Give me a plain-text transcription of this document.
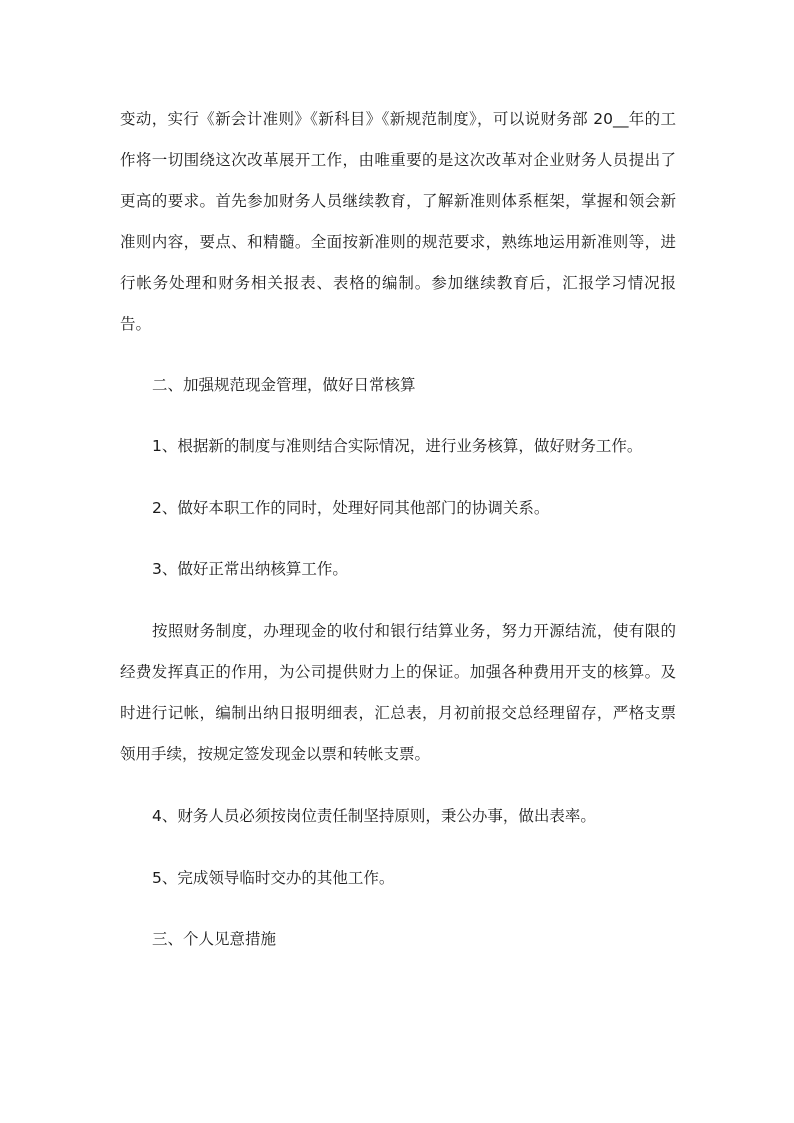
变动，实行《新会计准则》《新科目》《新规范制度》，可以说财务部 20__年的工作将一切围绕这次改革展开工作，由唯重要的是这次改革对企业财务人员提出了更高的要求。首先参加财务人员继续教育，了解新准则体系框架，掌握和领会新准则内容，要点、和精髓。全面按新准则的规范要求，熟练地运用新准则等，进行帐务处理和财务相关报表、表格的编制。参加继续教育后，汇报学习情况报告。

二、加强规范现金管理，做好日常核算

1、根据新的制度与准则结合实际情况，进行业务核算，做好财务工作。

2、做好本职工作的同时，处理好同其他部门的协调关系。

3、做好正常出纳核算工作。

按照财务制度，办理现金的收付和银行结算业务，努力开源结流，使有限的经费发挥真正的作用，为公司提供财力上的保证。加强各种费用开支的核算。及时进行记帐，编制出纳日报明细表，汇总表，月初前报交总经理留存，严格支票领用手续，按规定签发现金以票和转帐支票。

4、财务人员必须按岗位责任制坚持原则，秉公办事，做出表率。

5、完成领导临时交办的其他工作。

三、个人见意措施
